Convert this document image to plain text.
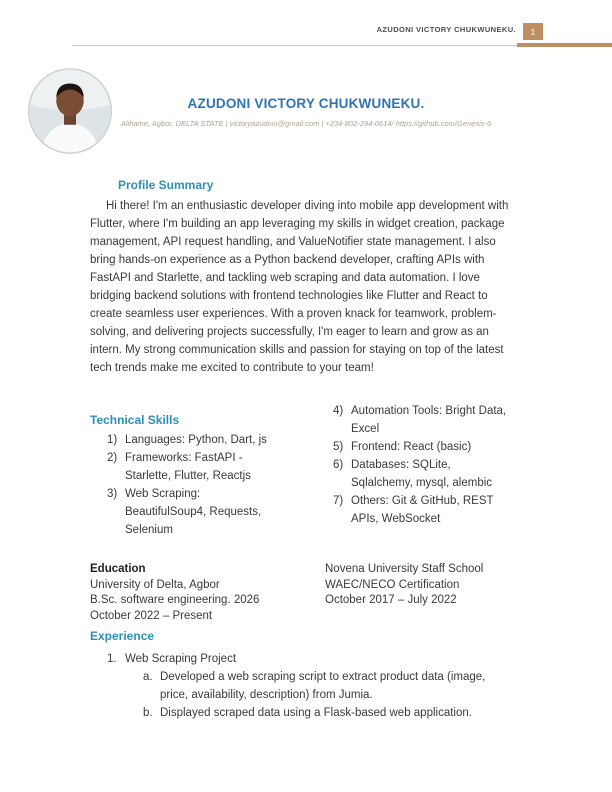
AZUDONI VICTORY CHUKWUNEKU.	1
AZUDONI VICTORY CHUKWUNEKU.
Alihame, Agbor, DELTA STATE | victoryazudoni@gmail.com | +234-802-294-0614/ https://github.com/Genexis-6
Profile Summary
Hi there! I'm an enthusiastic developer diving into mobile app development with Flutter, where I'm building an app leveraging my skills in widget creation, package management, API request handling, and ValueNotifier state management. I also bring hands-on experience as a Python backend developer, crafting APIs with FastAPI and Starlette, and tackling web scraping and data automation. I love bridging backend solutions with frontend technologies like Flutter and React to create seamless user experiences. With a proven knack for teamwork, problem-solving, and delivering projects successfully, I'm eager to learn and grow as an intern. My strong communication skills and passion for staying on top of the latest tech trends make me excited to contribute to your team!
Technical Skills
1) Languages: Python, Dart, js
2) Frameworks: FastAPI - Starlette, Flutter, Reactjs
3) Web Scraping: BeautifulSoup4, Requests, Selenium
4) Automation Tools: Bright Data, Excel
5) Frontend: React (basic)
6) Databases: SQLite, Sqlalchemy, mysql, alembic
7) Others: Git & GitHub, REST APIs, WebSocket
Education
University of Delta, Agbor
B.Sc. software engineering. 2026
October 2022 – Present
Novena University Staff School
WAEC/NECO Certification
October 2017 – July 2022
Experience
1. Web Scraping Project
a. Developed a web scraping script to extract product data (image, price, availability, description) from Jumia.
b. Displayed scraped data using a Flask-based web application.
